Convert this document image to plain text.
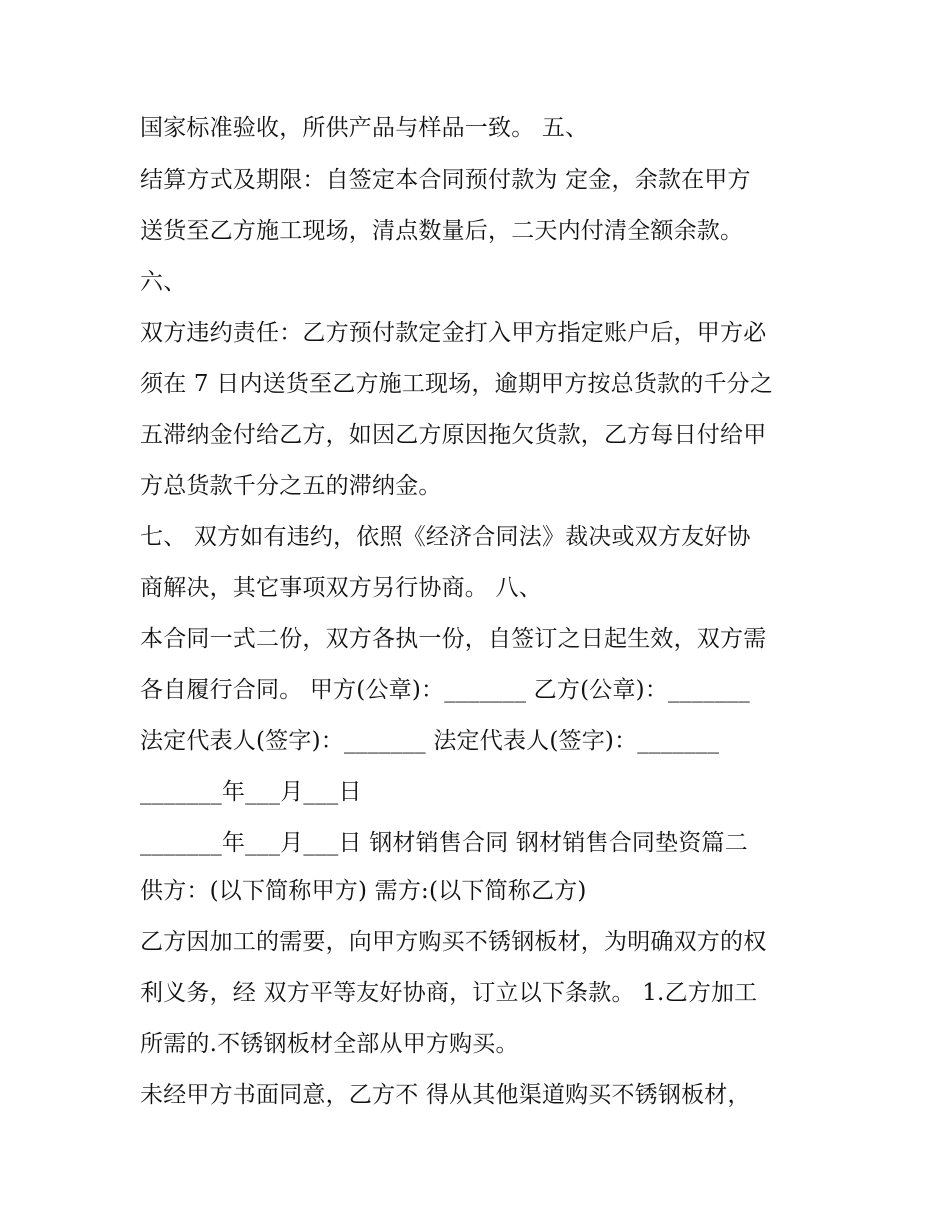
国家标准验收，所供产品与样品一致。 五、
结算方式及期限：自签定本合同预付款为 定金，余款在甲方
送货至乙方施工现场，清点数量后，二天内付清全额余款。
六、
双方违约责任：乙方预付款定金打入甲方指定账户后，甲方必
须在 7 日内送货至乙方施工现场，逾期甲方按总货款的千分之
五滞纳金付给乙方，如因乙方原因拖欠货款，乙方每日付给甲
方总货款千分之五的滞纳金。
七、 双方如有违约，依照《经济合同法》裁决或双方友好协
商解决，其它事项双方另行协商。 八、
本合同一式二份，双方各执一份，自签订之日起生效，双方需
各自履行合同。 甲方(公章)：_______ 乙方(公章)：_______
法定代表人(签字)：_______ 法定代表人(签字)：_______
_______年___月___日
_______年___月___日 钢材销售合同 钢材销售合同垫资篇二
供方：(以下简称甲方) 需方:(以下简称乙方)
乙方因加工的需要，向甲方购买不锈钢板材，为明确双方的权
利义务，经 双方平等友好协商，订立以下条款。 1.乙方加工
所需的.不锈钢板材全部从甲方购买。
未经甲方书面同意，乙方不 得从其他渠道购买不锈钢板材，
